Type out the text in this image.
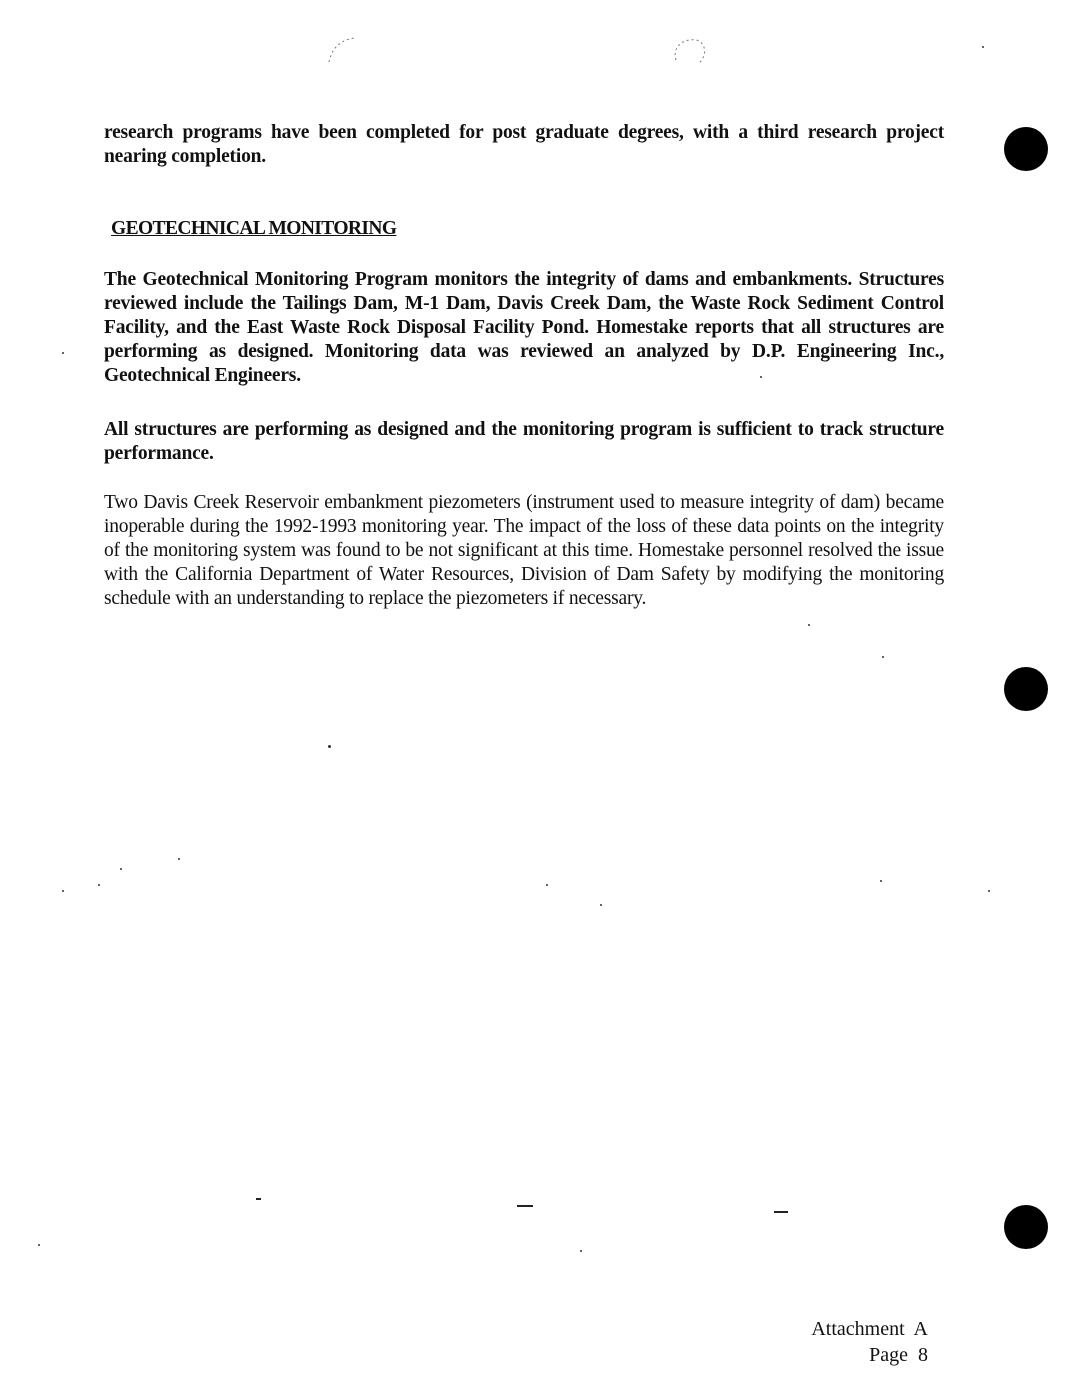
research programs have been completed for post graduate degrees, with a third research project nearing completion.
GEOTECHNICAL MONITORING
The Geotechnical Monitoring Program monitors the integrity of dams and embankments. Structures reviewed include the Tailings Dam, M-1 Dam, Davis Creek Dam, the Waste Rock Sediment Control Facility, and the East Waste Rock Disposal Facility Pond. Homestake reports that all structures are performing as designed. Monitoring data was reviewed an analyzed by D.P. Engineering Inc., Geotechnical Engineers.
All structures are performing as designed and the monitoring program is sufficient to track structure performance.
Two Davis Creek Reservoir embankment piezometers (instrument used to measure integrity of dam) became inoperable during the 1992-1993 monitoring year. The impact of the loss of these data points on the integrity of the monitoring system was found to be not significant at this time. Homestake personnel resolved the issue with the California Department of Water Resources, Division of Dam Safety by modifying the monitoring schedule with an understanding to replace the piezometers if necessary.
Attachment  A
Page  8
